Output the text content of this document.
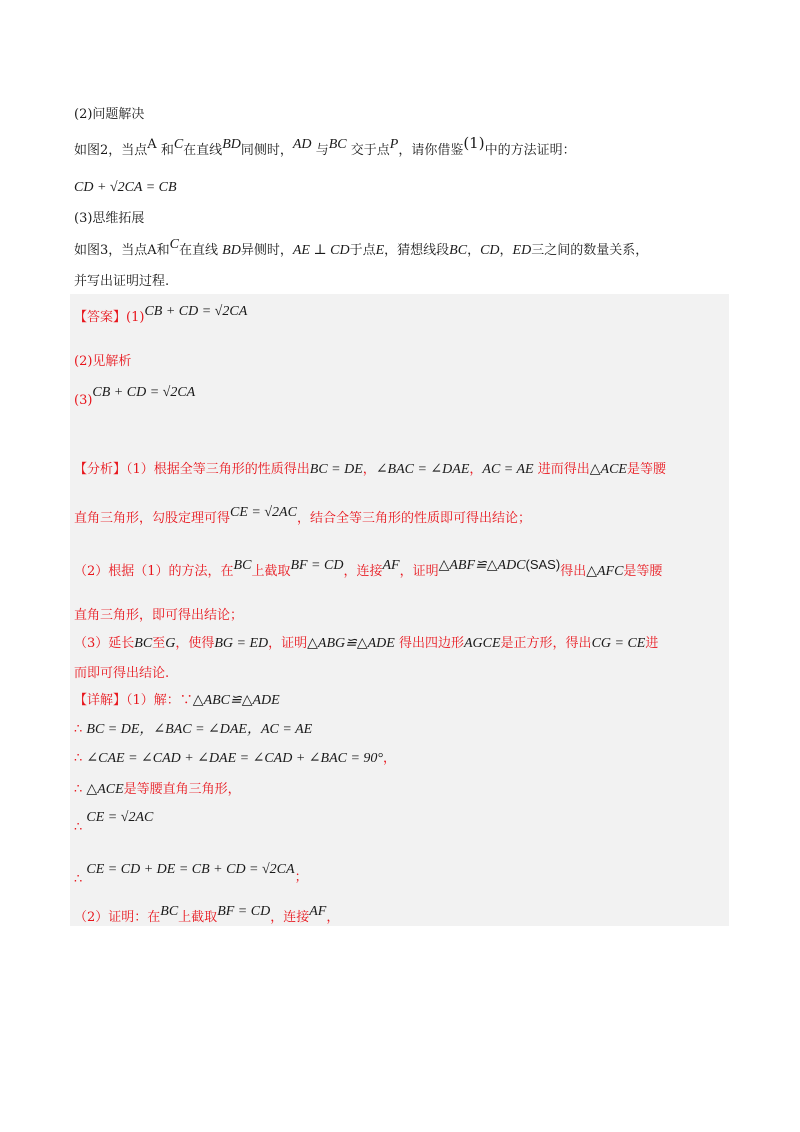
(2)问题解决
如图2，当点A 和C在直线BD同侧时，AD 与BC 交于点P，请你借鉴(1)中的方法证明：
CD + √2CA = CB
(3)思维拓展
如图3，当点A和C在直线 BD异侧时，AE ⊥ CD于点E，猜想线段BC，CD，ED三之间的数量关系，
并写出证明过程.
【答案】(1)CB + CD = √2CA
(2)见解析
(3)CB + CD = √2CA
【分析】（1）根据全等三角形的性质得出BC = DE，∠BAC = ∠DAE，AC = AE 进而得出△ACE是等腰
直角三角形，勾股定理可得CE = √2AC，结合全等三角形的性质即可得出结论；
（2）根据（1）的方法，在BC上截取BF = CD，连接AF，证明△ABF≌△ADC(SAS)得出△AFC是等腰
直角三角形，即可得出结论；
（3）延长BC至G，使得BG = ED，证明△ABG≌△ADE 得出四边形AGCE是正方形，得出CG = CE进
而即可得出结论.
【详解】（1）解：∵△ABC≌△ADE
∴ BC = DE，∠BAC = ∠DAE，AC = AE
∴ ∠CAE = ∠CAD + ∠DAE = ∠CAD + ∠BAC = 90°，
∴ △ACE是等腰直角三角形，
∴ CE = √2AC
∴ CE = CD + DE = CB + CD = √2CA；
（2）证明：在BC上截取BF = CD，连接AF，
